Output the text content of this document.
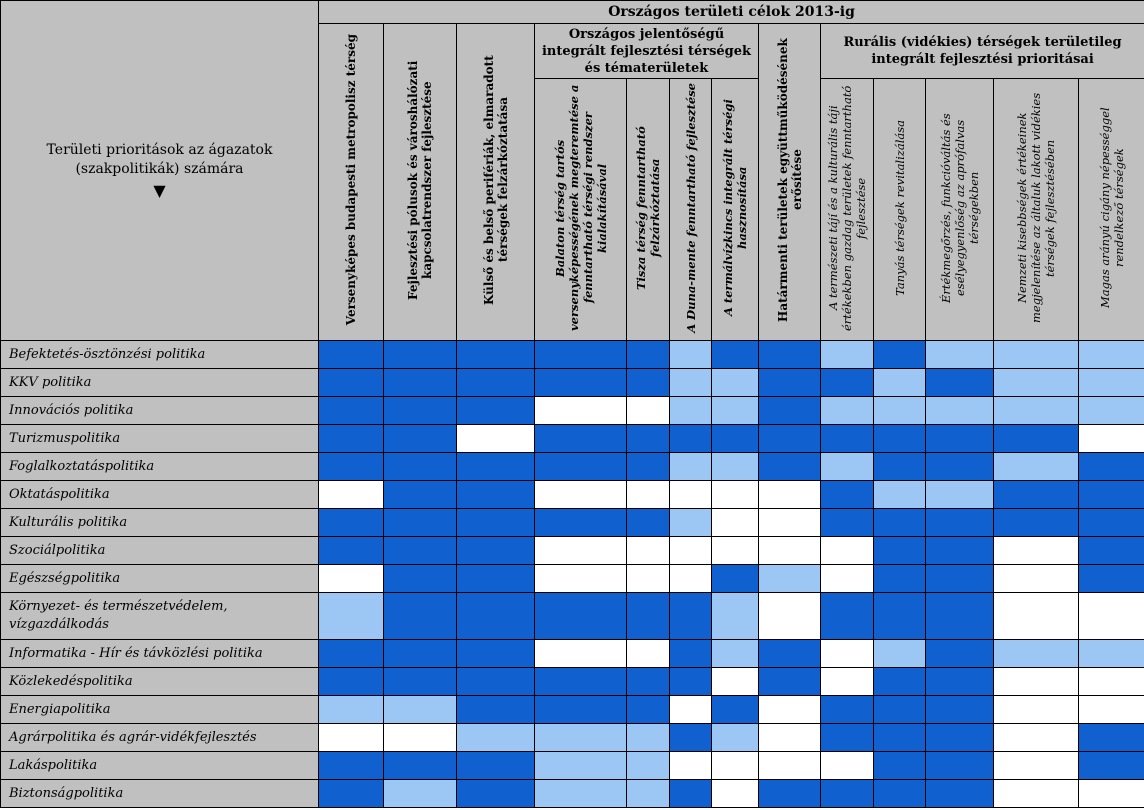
Területi prioritások az ágazatok (szakpolitikák) számára
▼	Országos területi célok 2013-ig												
	Versenyképes budapesti metropolisz térség	Fejlesztési pólusok és városhálózati kapcsolatrendszer fejlesztése	Külső és belső perifériák, elmaradott térségek felzárkóztatása	Országos jelentőségű integrált fejlesztési térségek és tématerületek				Határmenti területek együttműködésének erősítése	Rurális (vidékies) térségek területileg integrált fejlesztési prioritásai				
				Balaton térség tartós versenyképességének megteremtése a fenntartható térségi rendszer kialakításával	Tisza térség fenntartható felzárkóztatása	A Duna-mente fenntartható fejlesztése	A termálvízkincs integrált térségi hasznosítása		A természeti tájí és a kulturális táji értékekben gazdag területek fenntartható fejlesztése	Tanyás térségek revitalizálása	Értékmegőrzés, funkcióváltás és esélyegyenlőség az aprófalvas térségekben	Nemzeti kisebbségek értékeinek megjelenítése az általuk lakott vidékies térségek fejlesztésében	Magas arányú cigány népességgel rendelkező térségek
Befektetés-ösztönzési politika													
KKV politika													
Innovációs politika													
Turizmuspolitika													
Foglalkoztatáspolitika													
Oktatáspolitika													
Kulturális politika													
Szociálpolitika													
Egészségpolitika													
Környezet- és természetvédelem, vízgazdálkodás													
Informatika - Hír és távközlési politika													
Közlekedéspolitika													
Energiapolitika													
Agrárpolitika és agrár-vidékfejlesztés													
Lakáspolitika													
Biztonságpolitika													
